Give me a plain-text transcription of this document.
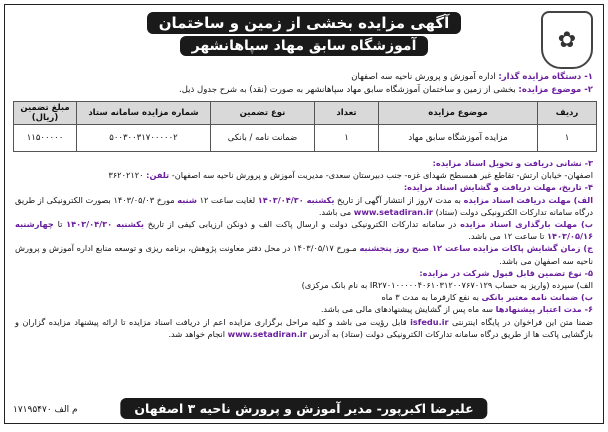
✿
آگهی مزایده بخشی از زمین و ساختمان
آموزشگاه سابق مهاد سپاهانشهر
۱- دستگاه مزایده گذار: اداره آموزش و پرورش ناحیه سه اصفهان
۲- موضوع مزایده: بخشی از زمین و ساختمان آموزشگاه سابق مهاد سپاهانشهر به صورت (نقد) به شرح جدول ذیل.
ردیف	موضوع مزایده	تعداد	نوع تضمین	شماره مزایده سامانه ستاد	مبلغ تضمین (ریال)
۱	مزایده آموزشگاه سابق مهاد	۱	ضمانت نامه / بانکی	۵۰۰۳۰۰۳۱۷۰۰۰۰۰۲	۱۱۵۰۰۰۰۰

۳- نشانی دریافت و تحویل اسناد مزایده:

اصفهان- خیابان ارتش- تقاطع غیر همسطح شهدای غزه- جنب دبیرستان سعدی- مدیریت آموزش و پرورش ناحیه سه اصفهان- تلفن: ۳۶۲۰۲۱۲۰

۴- تاریخ، مهلت دریافت و گشایش اسناد مزایده:

الف) مهلت دریافت اسناد مزایده به مدت ۷روز از انتشار آگهی از تاریخ یکشنبه ۱۴۰۳/۰۴/۳۰ لغایت ساعت ۱۲ شنبه مورخ ۱۴۰۳/۰۵/۰۳ بصورت الکترونیکی از طریق درگاه سامانه تدارکات الکترونیکی دولت (ستاد) www.setadiran.ir می باشد.

ب) مهلت بارگذاری اسناد مزایده در سامانه تدارکات الکترونیکی دولت و ارسال پاکت الف و ذونکن ارزیابی کیفی از تاریخ یکشنبه ۱۴۰۳/۰۴/۳۰ تا چهارشنبه ۱۴۰۳/۰۵/۱۶ تا ساعت ۱۲ می باشد.

ج) زمان گشایش پاکات مزایده ساعت ۱۲ صبح روز پنجشنبه مـورخ ۱۴۰۳/۰۵/۱۷ در محل دفتر معاونت پژوهش، برنامه ریزی و توسعه منابع اداره آموزش و پرورش ناحیه سه اصفهان می باشد.

۵- نوع تضمین قابل قبول شرکت در مزایده:

الف) سپرده (واریز به حساب IR۲۷۰۱۰۰۰۰۰۴۰۶۱۰۳۱۲۰۰۷۶۷۰۱۲۹ به نام بانک مرکزی)

ب) ضمانت نامه معتبر بانکی به نفع کارفرما به مدت ۳ ماه

۶- مدت اعتبار پیشنهادها سه ماه پس از گشایش پیشنهادهای مالی می باشد.

ضمنا متن این فراخوان در پایگاه اینترنتی isfedu.ir قابل رؤیت می باشد و کلیه مراحل برگزاری مزایده اعم از دریافت اسناد مزایده تا ارائه پیشنهاد مزایده گزاران و بازگشایی پاکت ها از طریق درگاه سامانه تدارکات الکترونیکی دولت (ستاد) به آدرس www.setadiran.ir انجام خواهد شد.

علیرضا اکبرپور- مدیر آموزش و پرورش ناحیه ۳ اصفهان
م الف ۱۷۱۹۵۴۷۰
